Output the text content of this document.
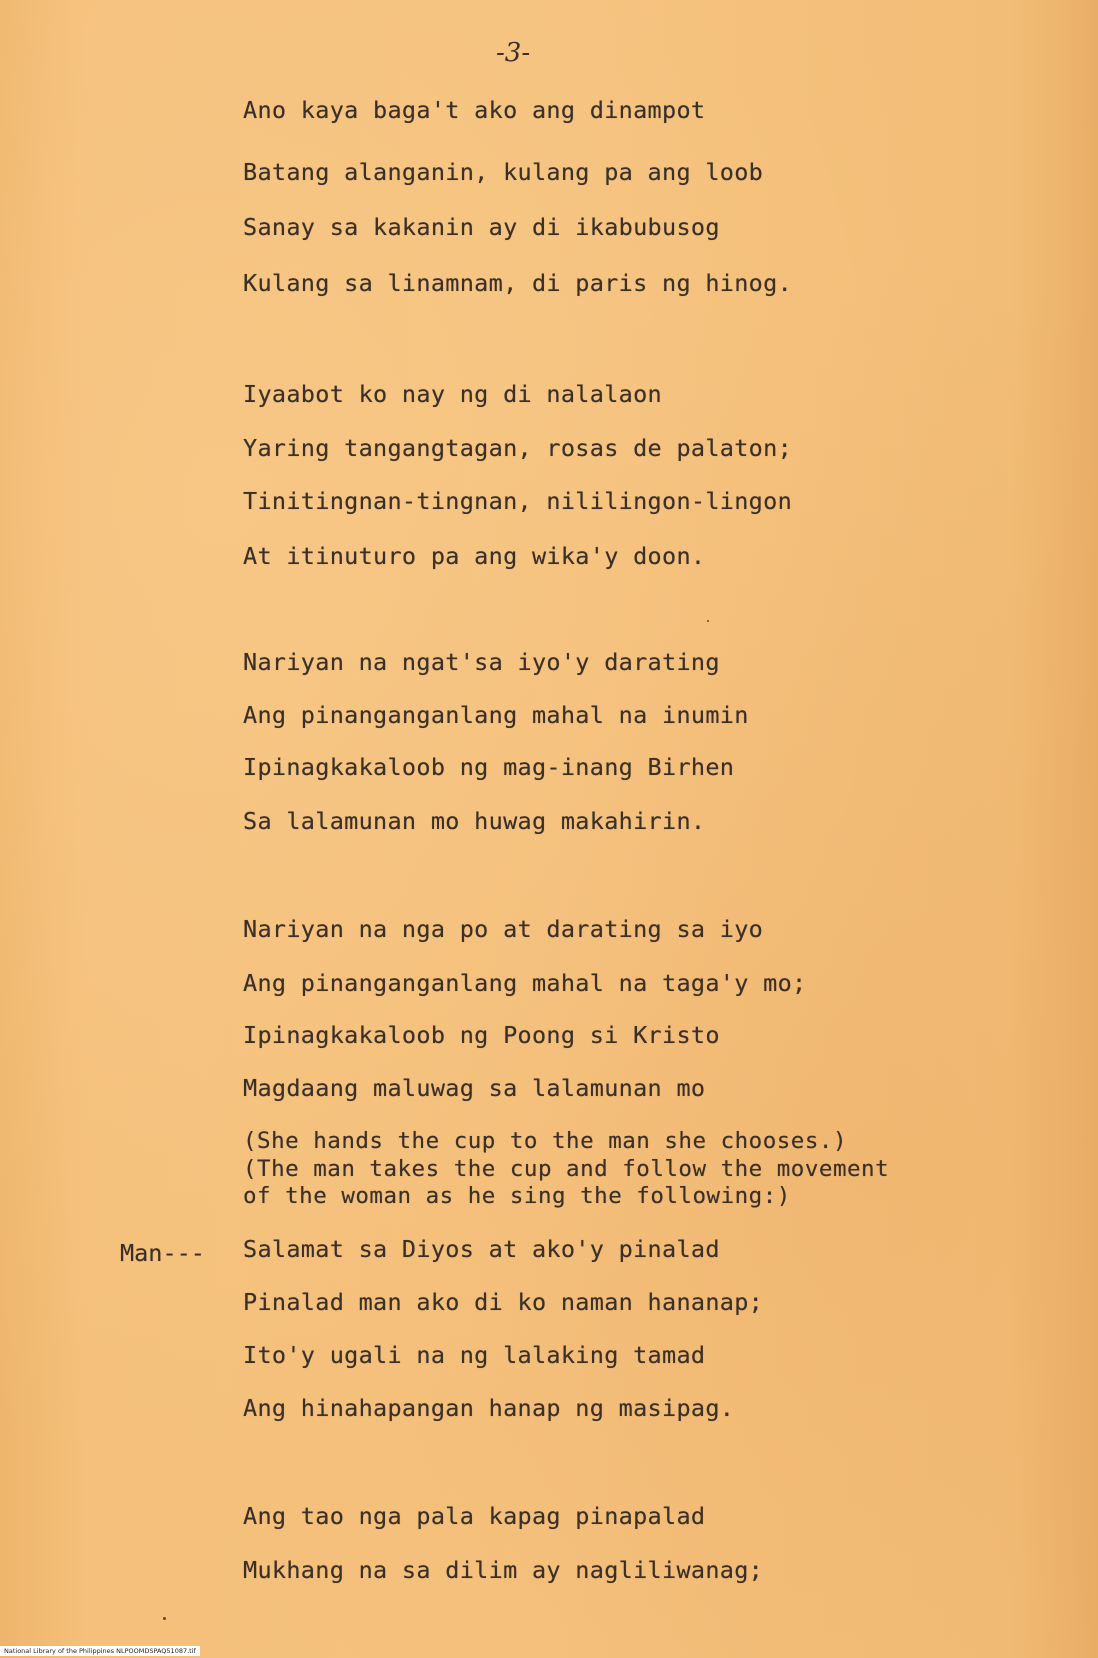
-3-
Ano kaya baga't ako ang dinampot
Batang alanganin, kulang pa ang loob
Sanay sa kakanin ay di ikabubusog
Kulang sa linamnam, di paris ng hinog.
Iyaabot ko nay ng di nalalaon
Yaring tangangtagan, rosas de palaton;
Tinitingnan-tingnan, nililingon-lingon
At itinuturo pa ang wika'y doon.
Nariyan na ngat'sa iyo'y darating
Ang pinanganganlang mahal na inumin
Ipinagkakaloob ng mag-inang Birhen
Sa lalamunan mo huwag makahirin.
Nariyan na nga po at darating sa iyo
Ang pinanganganlang mahal na taga'y mo;
Ipinagkakaloob ng Poong si Kristo
Magdaang maluwag sa lalamunan mo
(She hands the cup to the man she chooses.)
(The man takes the cup and follow the movement
of the woman as he sing the following:)
Man--- Salamat sa Diyos at ako'y pinalad
Pinalad man ako di ko naman hananap;
Ito'y ugali na ng lalaking tamad
Ang hinahapangan hanap ng masipag.
Ang tao nga pala kapag pinapalad
Mukhang na sa dilim ay nagliliwanag;
National Library of the Philippines NLPOOMDSPAQ51087.tif
